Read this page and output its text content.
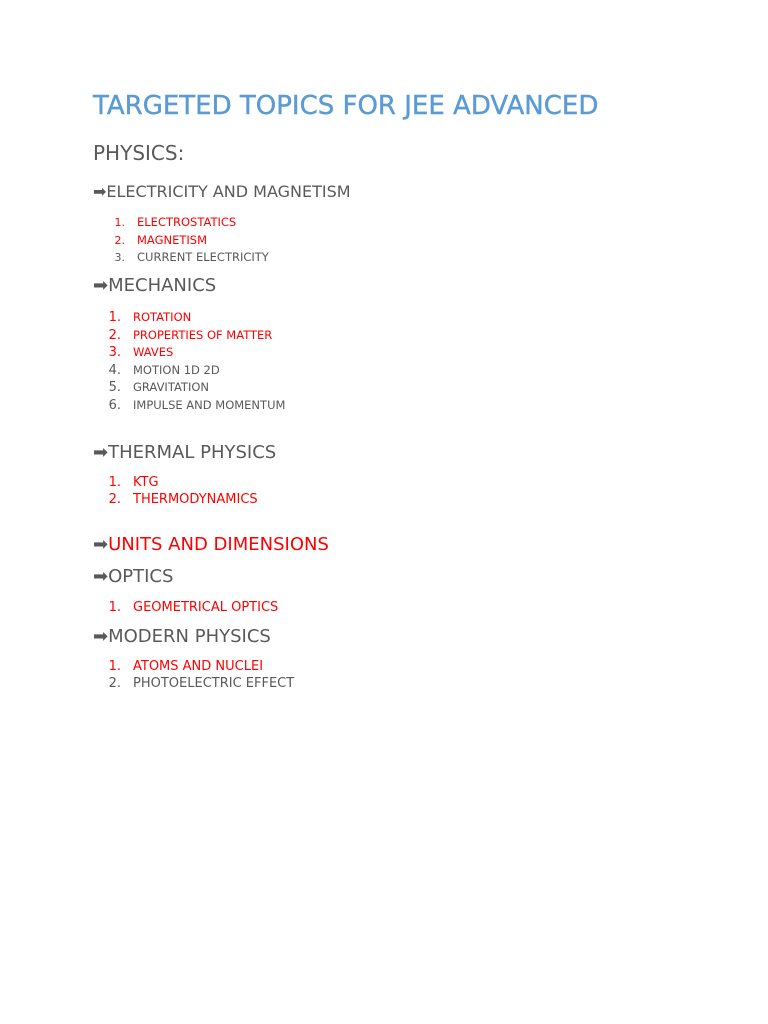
TARGETED TOPICS FOR JEE ADVANCED
PHYSICS:
➡ELECTRICITY AND MAGNETISM
1. ELECTROSTATICS
2. MAGNETISM
3. CURRENT ELECTRICITY
➡MECHANICS
1. ROTATION
2. PROPERTIES OF MATTER
3. WAVES
4. MOTION 1D 2D
5. GRAVITATION
6. IMPULSE AND MOMENTUM
➡THERMAL PHYSICS
1. KTG
2. THERMODYNAMICS
➡UNITS AND DIMENSIONS
➡OPTICS
1. GEOMETRICAL OPTICS
➡MODERN PHYSICS
1. ATOMS AND NUCLEI
2. PHOTOELECTRIC EFFECT
